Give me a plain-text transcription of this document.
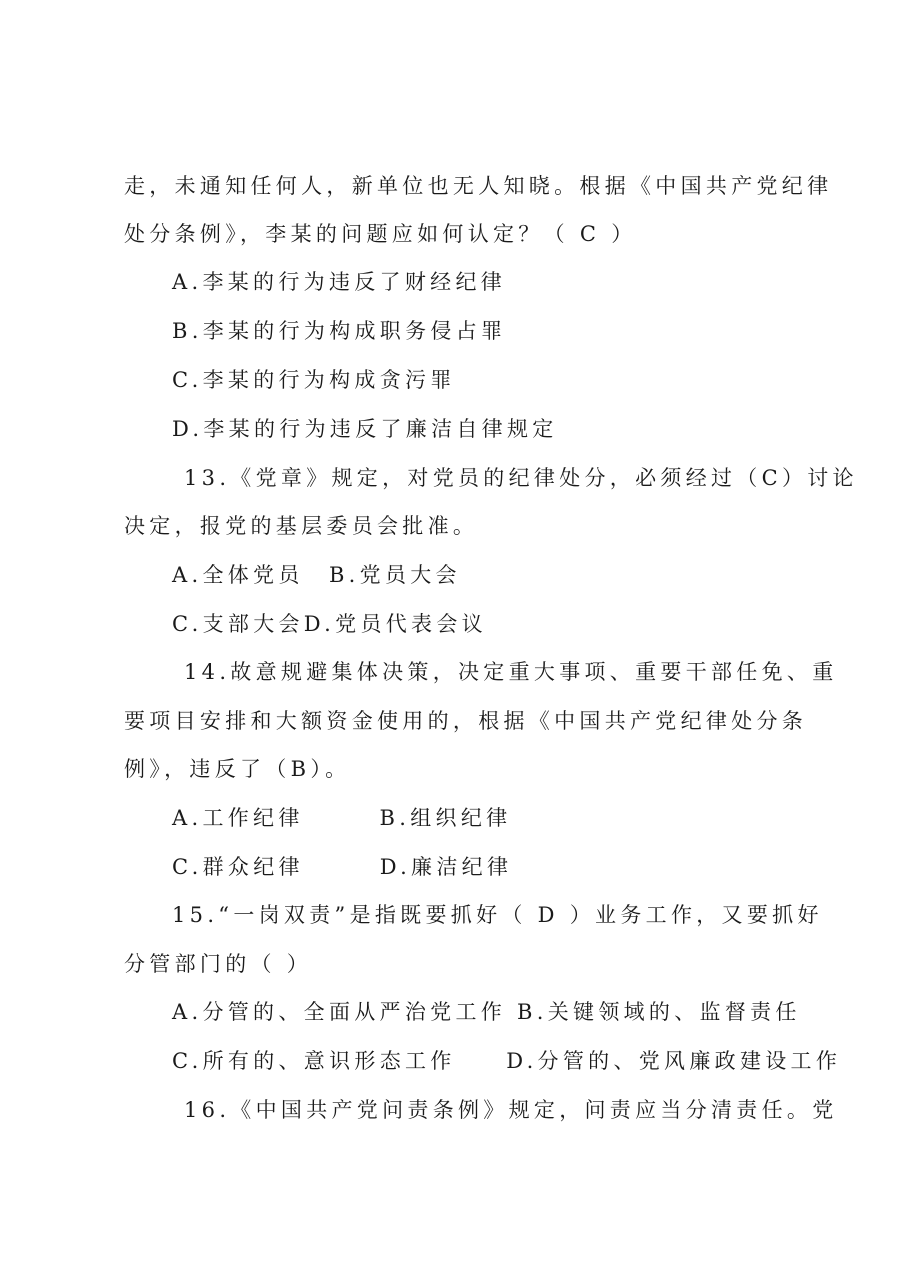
走，未通知任何人，新单位也无人知晓。根据《中国共产党纪律
处分条例》，李某的问题应如何认定？（ C ）
A.李某的行为违反了财经纪律
B.李某的行为构成职务侵占罪
C.李某的行为构成贪污罪
D.李某的行为违反了廉洁自律规定
13.《党章》规定，对党员的纪律处分，必须经过（C）讨论
决定，报党的基层委员会批准。
A.全体党员　B.党员大会
C.支部大会D.党员代表会议
14.故意规避集体决策，决定重大事项、重要干部任免、重
要项目安排和大额资金使用的，根据《中国共产党纪律处分条
例》，违反了（B）。
A.工作纪律　　　B.组织纪律
C.群众纪律　　　D.廉洁纪律
15.“一岗双责”是指既要抓好（ D ）业务工作，又要抓好
分管部门的（ ）
A.分管的、全面从严治党工作 B.关键领域的、监督责任
C.所有的、意识形态工作　　D.分管的、党风廉政建设工作
16.《中国共产党问责条例》规定，问责应当分清责任。党
